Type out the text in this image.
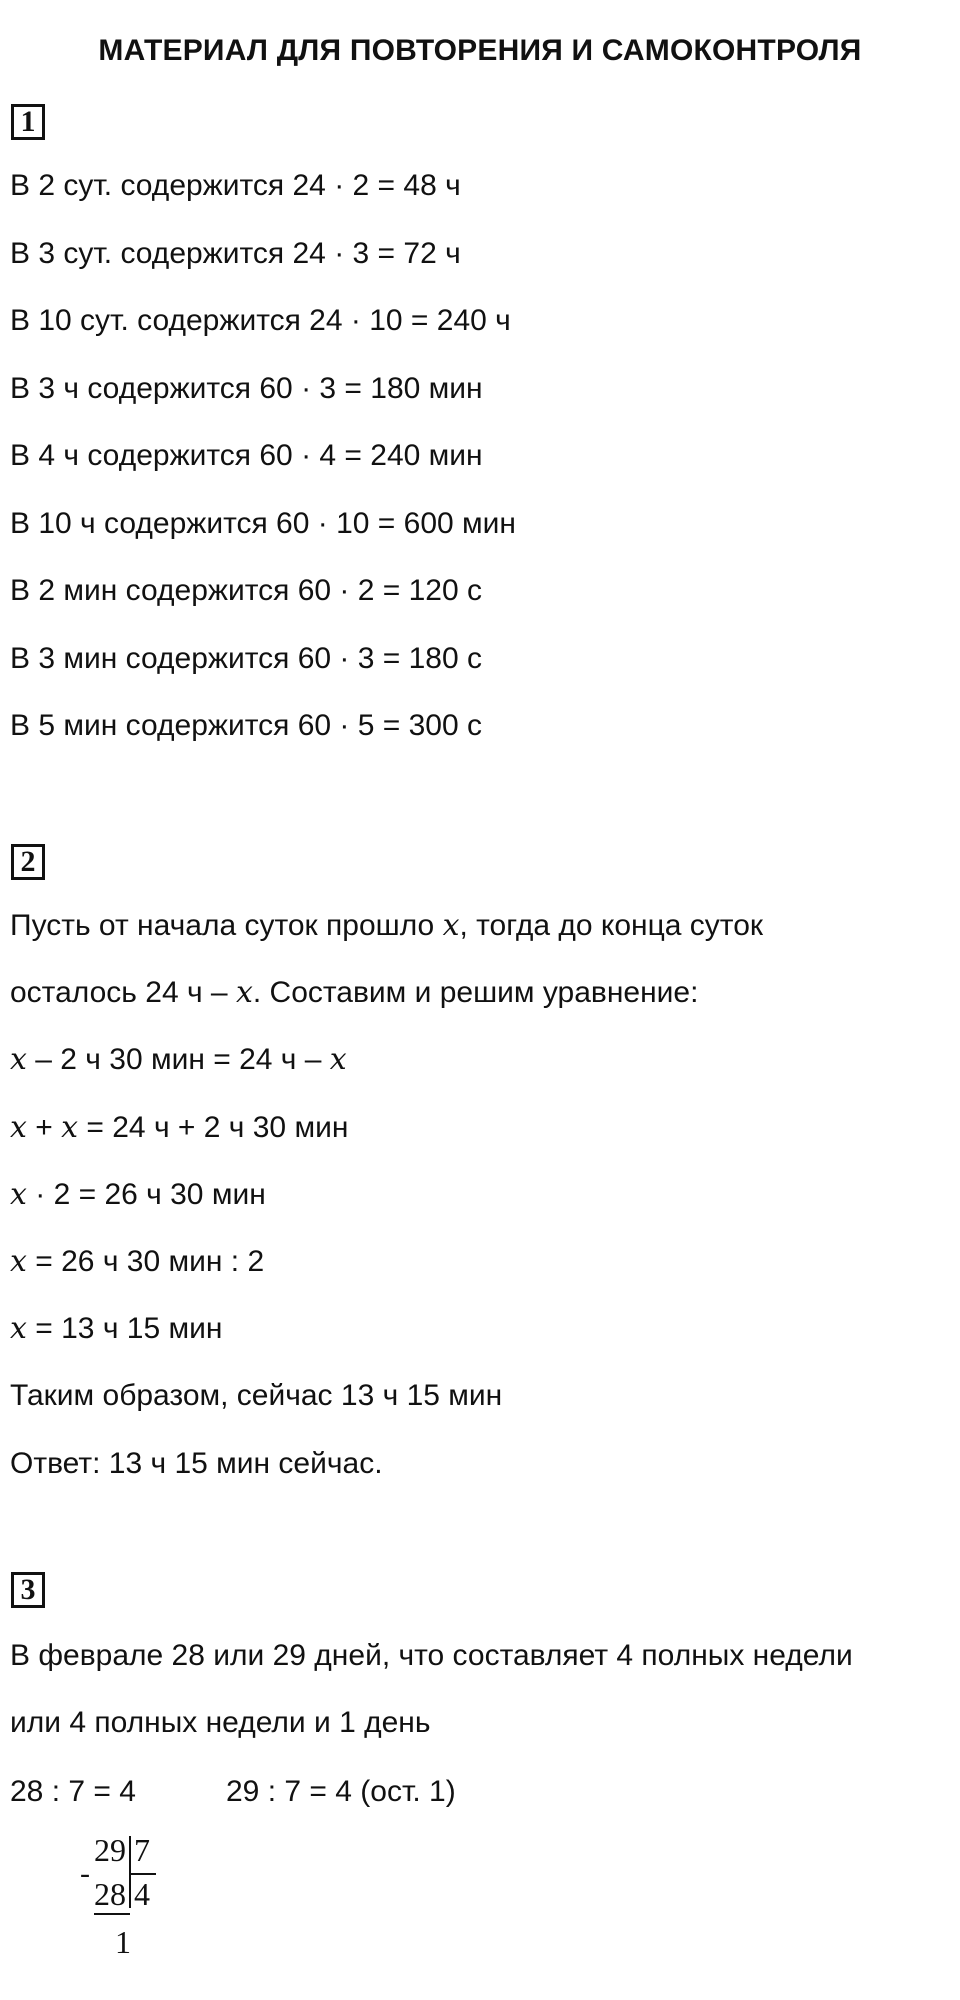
МАТЕРИАЛ ДЛЯ ПОВТОРЕНИЯ И САМОКОНТРОЛЯ
1
В 2 сут. содержится 24 · 2 = 48 ч
В 3 сут. содержится 24 · 3 = 72 ч
В 10 сут. содержится 24 · 10 = 240 ч
В 3 ч содержится 60 · 3 = 180 мин
В 4 ч содержится 60 · 4 = 240 мин
В 10 ч содержится 60 · 10 = 600 мин
В 2 мин содержится 60 · 2 = 120 с
В 3 мин содержится 60 · 3 = 180 с
В 5 мин содержится 60 · 5 = 300 с
2
Пусть от начала суток прошло x, тогда до конца суток
осталось 24 ч – x. Составим и решим уравнение:
x – 2 ч 30 мин = 24 ч – x
x + x = 24 ч + 2 ч 30 мин
x · 2 = 26 ч 30 мин
x = 26 ч 30 мин : 2
x = 13 ч 15 мин
Таким образом, сейчас 13 ч 15 мин
Ответ: 13 ч 15 мин сейчас.
3
В феврале 28 или 29 дней, что составляет 4 полных недели
или 4 полных недели и 1 день
28 : 7 = 4	29 : 7 = 4 (ост. 1)
29 7
-
28 4
1
